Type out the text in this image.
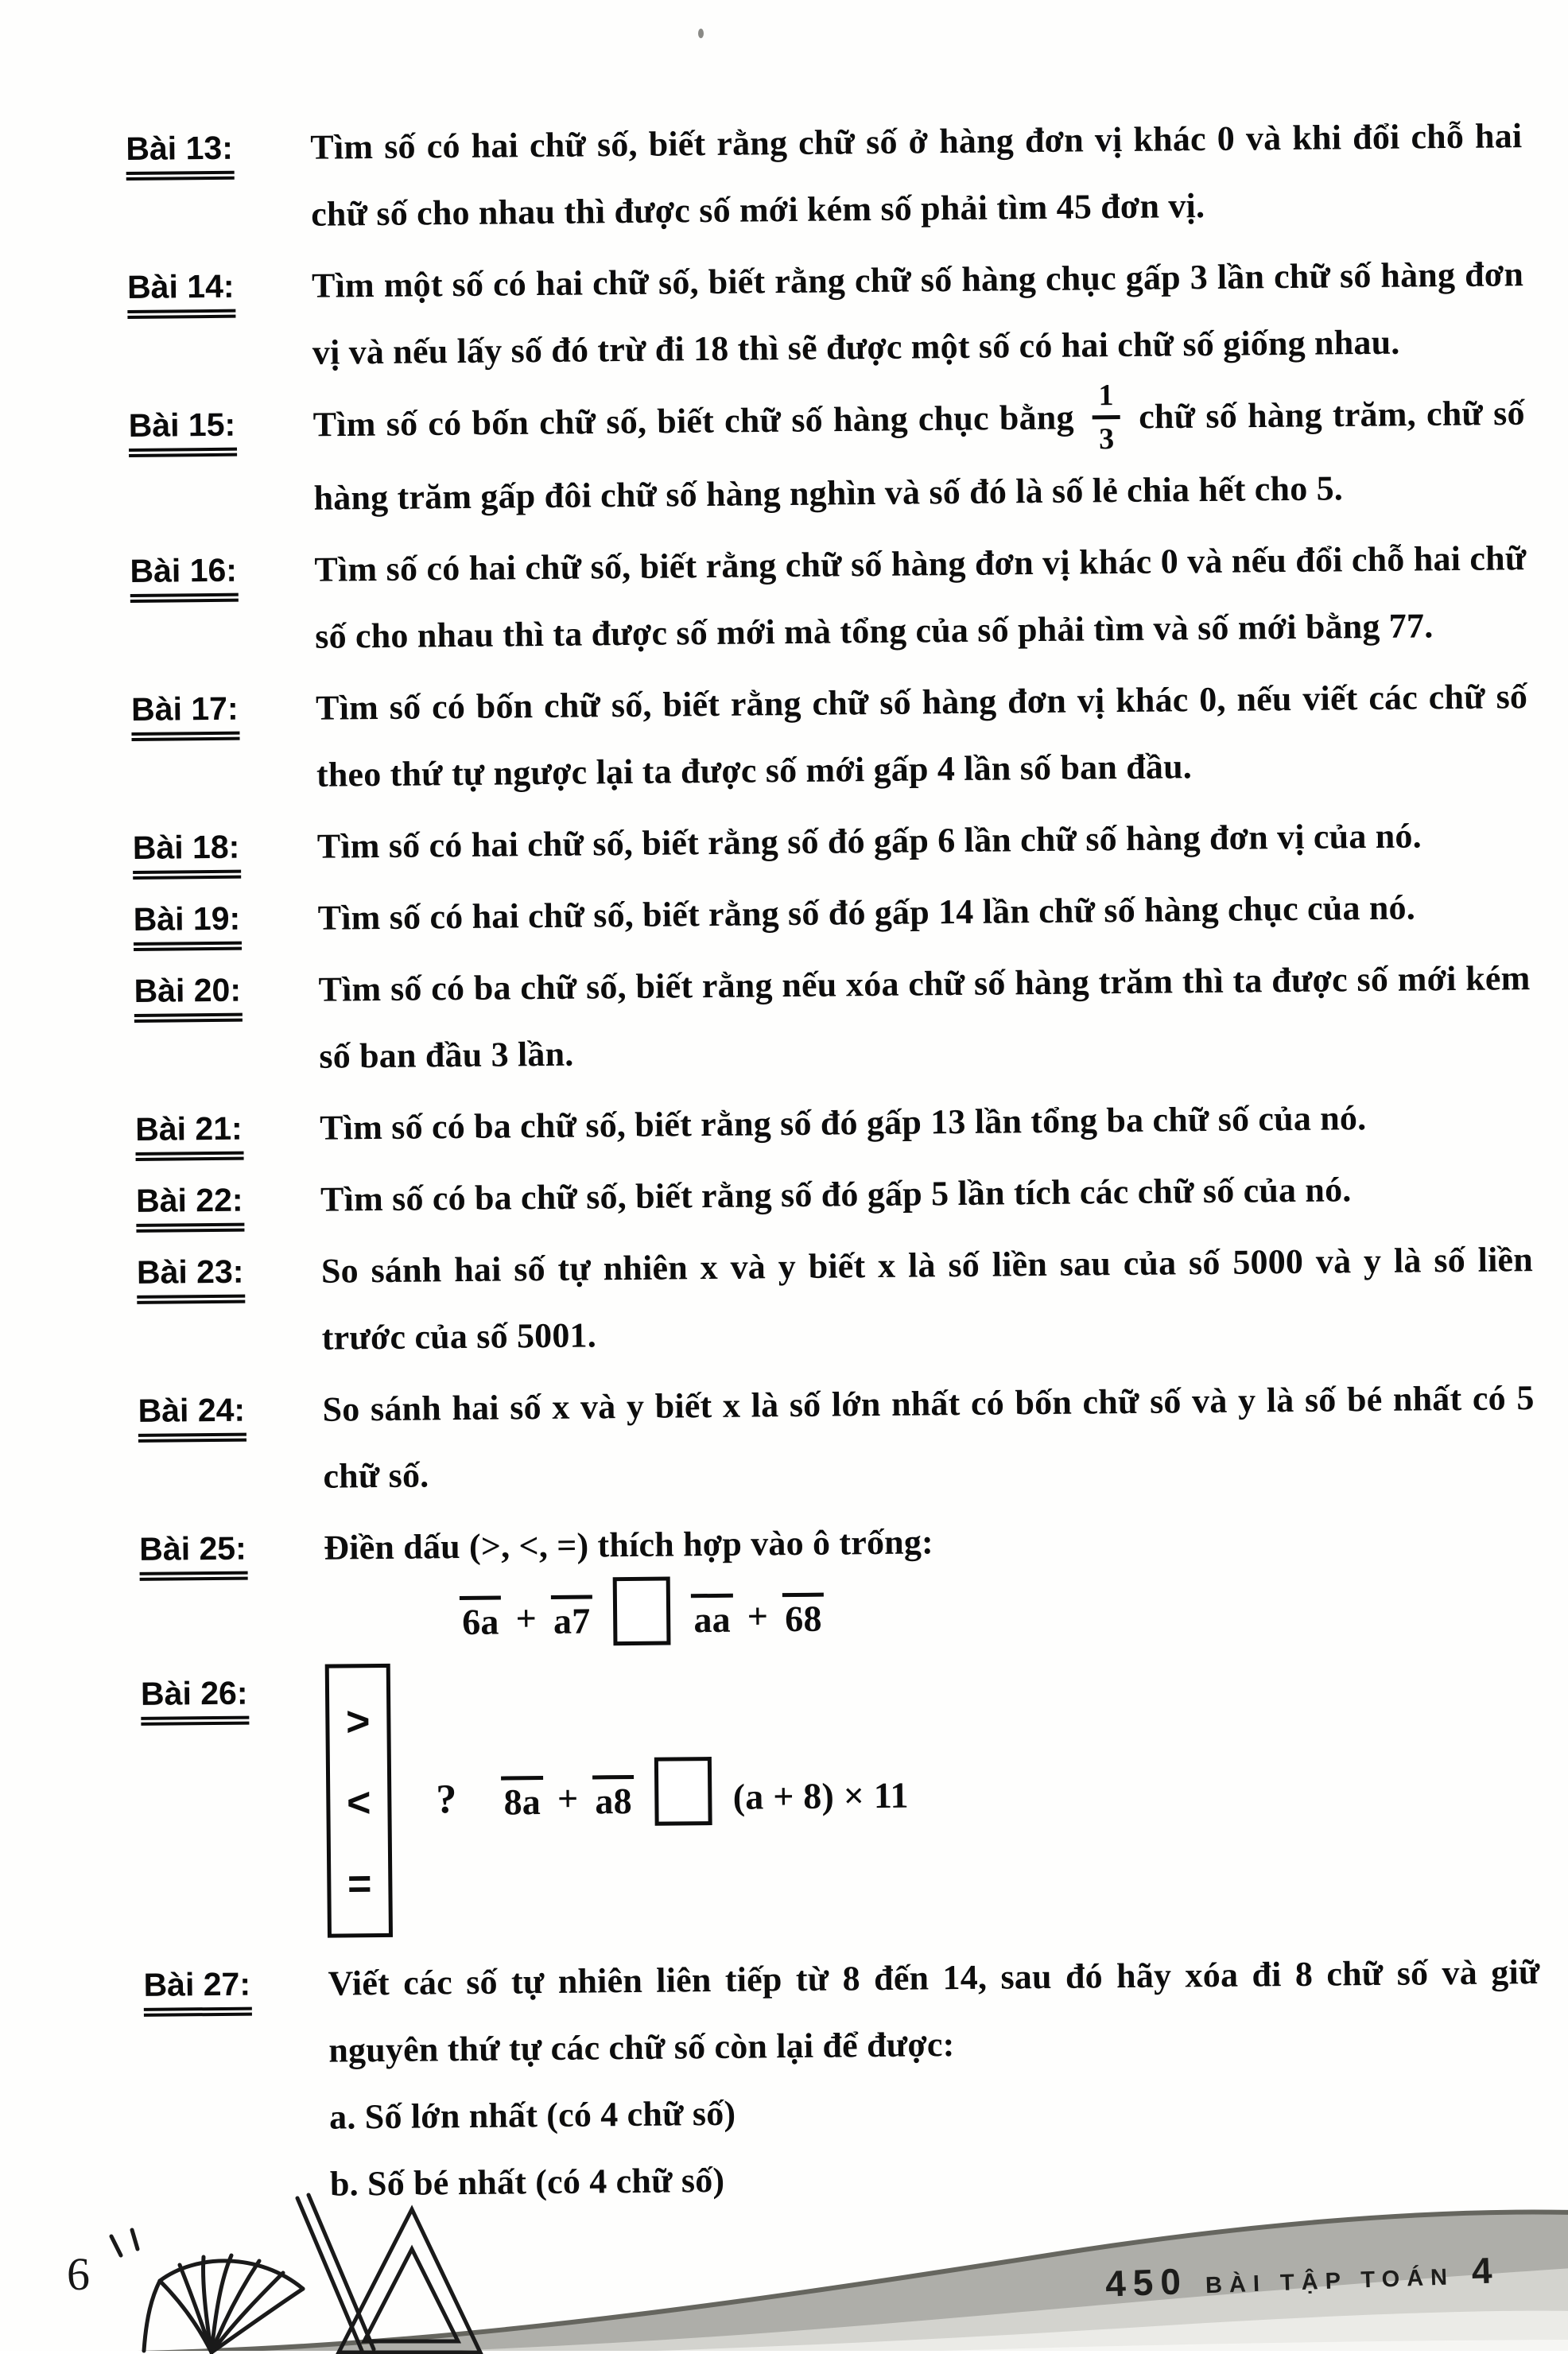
Bài 13:	Tìm số có hai chữ số, biết rằng chữ số ở hàng đơn vị khác 0 và khi đổi chỗ hai chữ số cho nhau thì được số mới kém số phải tìm 45 đơn vị.
Bài 14:	Tìm một số có hai chữ số, biết rằng chữ số hàng chục gấp 3 lần chữ số hàng đơn vị và nếu lấy số đó trừ đi 18 thì sẽ được một số có hai chữ số giống nhau.
Bài 15:	Tìm số có bốn chữ số, biết chữ số hàng chục bằng $\frac{1}{3}$ chữ số hàng trăm, chữ số hàng trăm gấp đôi chữ số hàng nghìn và số đó là số lẻ chia hết cho 5.
Bài 16:	Tìm số có hai chữ số, biết rằng chữ số hàng đơn vị khác 0 và nếu đổi chỗ hai chữ số cho nhau thì ta được số mới mà tổng của số phải tìm và số mới bằng 77.
Bài 17:	Tìm số có bốn chữ số, biết rằng chữ số hàng đơn vị khác 0, nếu viết các chữ số theo thứ tự ngược lại ta được số mới gấp 4 lần số ban đầu.
Bài 18:	Tìm số có hai chữ số, biết rằng số đó gấp 6 lần chữ số hàng đơn vị của nó.
Bài 19:	Tìm số có hai chữ số, biết rằng số đó gấp 14 lần chữ số hàng chục của nó.
Bài 20:	Tìm số có ba chữ số, biết rằng nếu xóa chữ số hàng trăm thì ta được số mới kém số ban đầu 3 lần.
Bài 21:	Tìm số có ba chữ số, biết rằng số đó gấp 13 lần tổng ba chữ số của nó.
Bài 22:	Tìm số có ba chữ số, biết rằng số đó gấp 5 lần tích các chữ số của nó.
Bài 23:	So sánh hai số tự nhiên x và y biết x là số liền sau của số 5000 và y là số liền trước của số 5001.
Bài 24:	So sánh hai số x và y biết x là số lớn nhất có bốn chữ số và y là số bé nhất có 5 chữ số.
Bài 25:	Điền dấu (>, <, =) thích hợp vào ô trống:
6a + a7	aa + 68
Bài 26:
>
<
=
? 8a + a8	(a + 8) × 11
Bài 27:	Viết các số tự nhiên liên tiếp từ 8 đến 14, sau đó hãy xóa đi 8 chữ số và giữ nguyên thứ tự các chữ số còn lại để được:
a. Số lớn nhất (có 4 chữ số)
b. Số bé nhất (có 4 chữ số)
6	450 BÀI TẬP TOÁN 4
